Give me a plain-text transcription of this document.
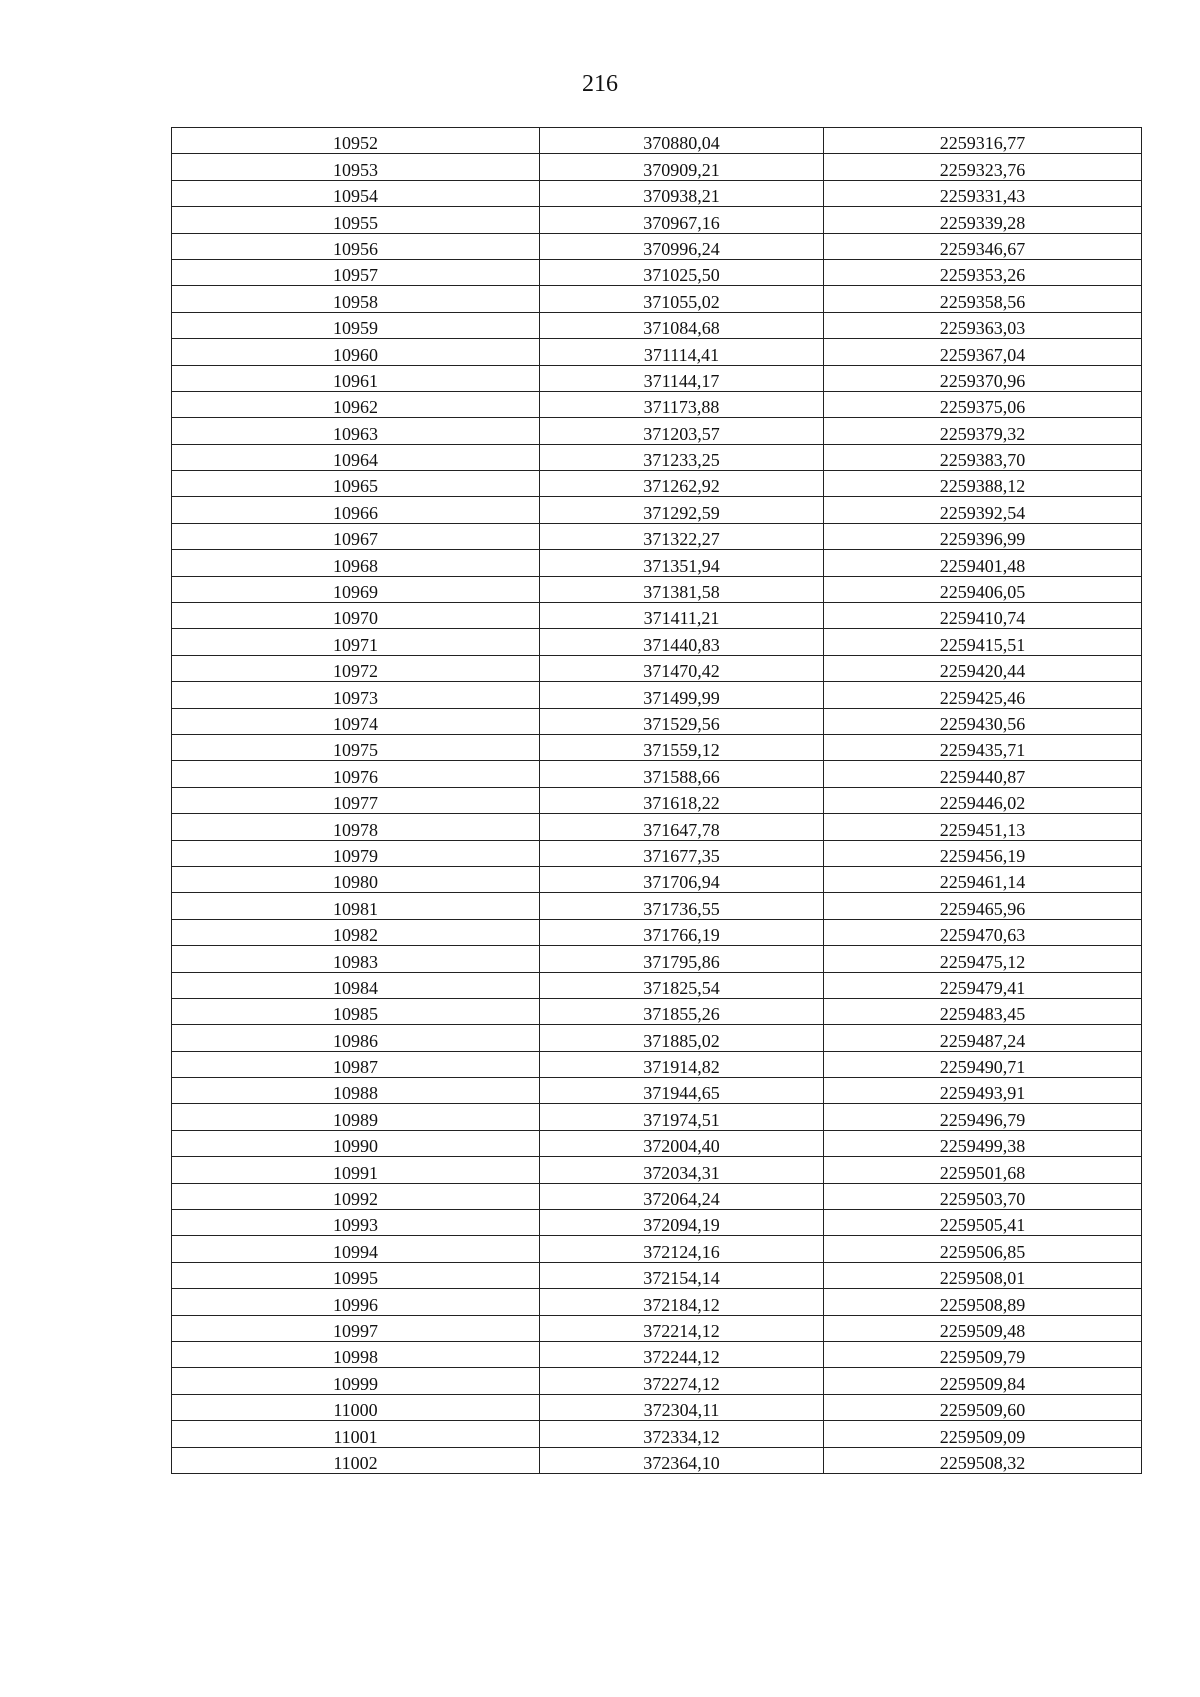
216
10952	370880,04	2259316,77
10953	370909,21	2259323,76
10954	370938,21	2259331,43
10955	370967,16	2259339,28
10956	370996,24	2259346,67
10957	371025,50	2259353,26
10958	371055,02	2259358,56
10959	371084,68	2259363,03
10960	371114,41	2259367,04
10961	371144,17	2259370,96
10962	371173,88	2259375,06
10963	371203,57	2259379,32
10964	371233,25	2259383,70
10965	371262,92	2259388,12
10966	371292,59	2259392,54
10967	371322,27	2259396,99
10968	371351,94	2259401,48
10969	371381,58	2259406,05
10970	371411,21	2259410,74
10971	371440,83	2259415,51
10972	371470,42	2259420,44
10973	371499,99	2259425,46
10974	371529,56	2259430,56
10975	371559,12	2259435,71
10976	371588,66	2259440,87
10977	371618,22	2259446,02
10978	371647,78	2259451,13
10979	371677,35	2259456,19
10980	371706,94	2259461,14
10981	371736,55	2259465,96
10982	371766,19	2259470,63
10983	371795,86	2259475,12
10984	371825,54	2259479,41
10985	371855,26	2259483,45
10986	371885,02	2259487,24
10987	371914,82	2259490,71
10988	371944,65	2259493,91
10989	371974,51	2259496,79
10990	372004,40	2259499,38
10991	372034,31	2259501,68
10992	372064,24	2259503,70
10993	372094,19	2259505,41
10994	372124,16	2259506,85
10995	372154,14	2259508,01
10996	372184,12	2259508,89
10997	372214,12	2259509,48
10998	372244,12	2259509,79
10999	372274,12	2259509,84
11000	372304,11	2259509,60
11001	372334,12	2259509,09
11002	372364,10	2259508,32
